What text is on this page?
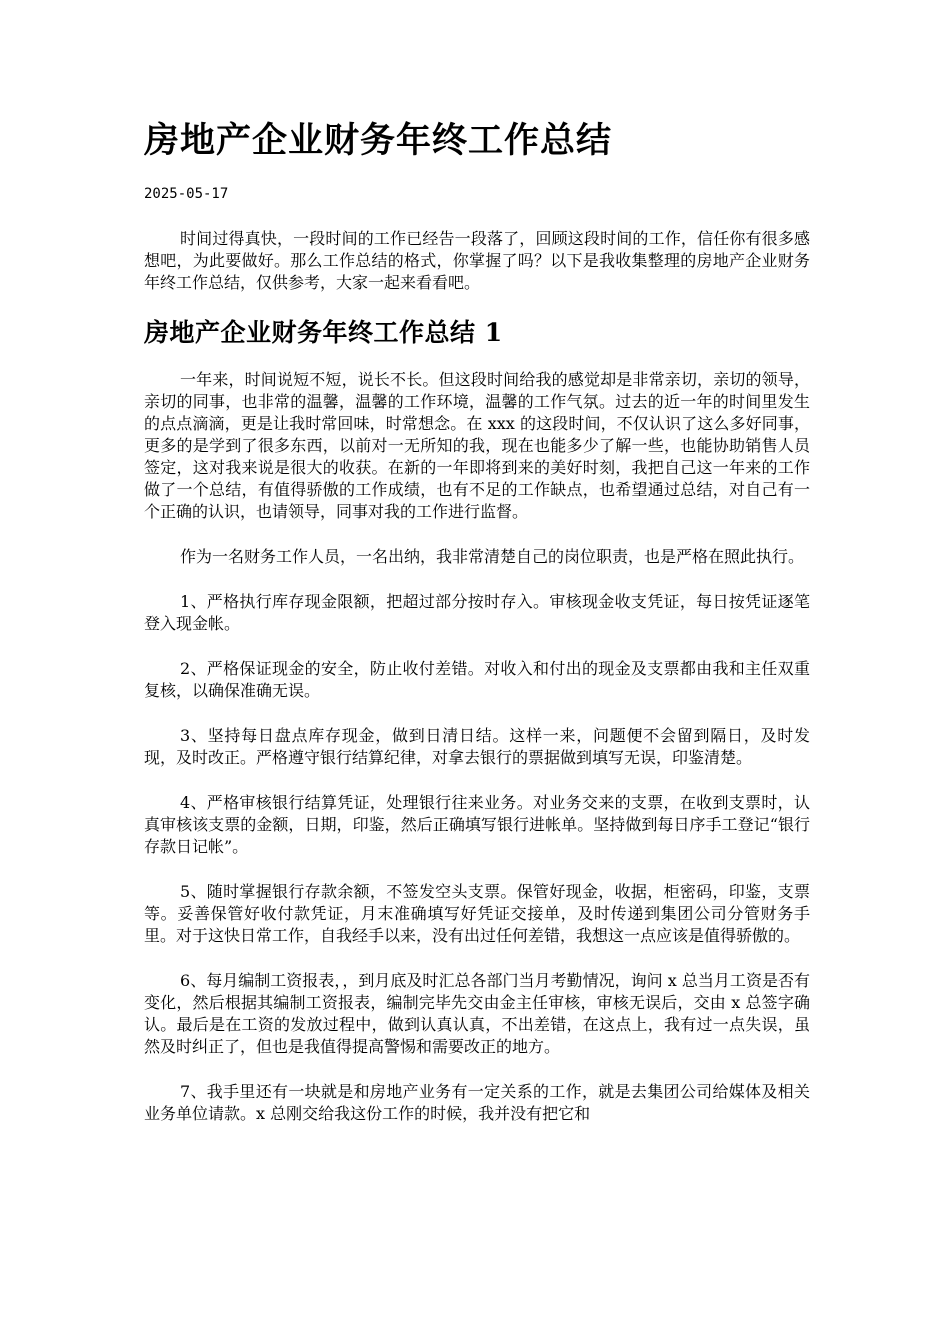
房地产企业财务年终工作总结
2025-05-17

时间过得真快，一段时间的工作已经告一段落了，回顾这段时间的工作，信任你有很多感想吧，为此要做好。那么工作总结的格式，你掌握了吗？以下是我收集整理的房地产企业财务年终工作总结，仅供参考，大家一起来看看吧。

房地产企业财务年终工作总结 1

一年来，时间说短不短，说长不长。但这段时间给我的感觉却是非常亲切，亲切的领导，亲切的同事，也非常的温馨，温馨的工作环境，温馨的工作气氛。过去的近一年的时间里发生的点点滴滴，更是让我时常回味，时常想念。在 xxx 的这段时间，不仅认识了这么多好同事，更多的是学到了很多东西，以前对一无所知的我，现在也能多少了解一些，也能协助销售人员签定，这对我来说是很大的收获。在新的一年即将到来的美好时刻，我把自己这一年来的工作做了一个总结，有值得骄傲的工作成绩，也有不足的工作缺点，也希望通过总结，对自己有一个正确的认识，也请领导，同事对我的工作进行监督。

作为一名财务工作人员，一名出纳，我非常清楚自己的岗位职责，也是严格在照此执行。

1、严格执行库存现金限额，把超过部分按时存入。审核现金收支凭证，每日按凭证逐笔登入现金帐。

2、严格保证现金的安全，防止收付差错。对收入和付出的现金及支票都由我和主任双重复核，以确保准确无误。

3、坚持每日盘点库存现金，做到日清日结。这样一来，问题便不会留到隔日，及时发现，及时改正。严格遵守银行结算纪律，对拿去银行的票据做到填写无误，印鉴清楚。

4、严格审核银行结算凭证，处理银行往来业务。对业务交来的支票，在收到支票时，认真审核该支票的金额，日期，印鉴，然后正确填写银行进帐单。坚持做到每日序手工登记“银行存款日记帐”。

5、随时掌握银行存款余额，不签发空头支票。保管好现金，收据，柜密码，印鉴，支票等。妥善保管好收付款凭证，月末准确填写好凭证交接单，及时传递到集团公司分管财务手里。对于这快日常工作，自我经手以来，没有出过任何差错，我想这一点应该是值得骄傲的。

6、每月编制工资报表，，到月底及时汇总各部门当月考勤情况，询问 x 总当月工资是否有变化，然后根据其编制工资报表，编制完毕先交由金主任审核，审核无误后，交由 x 总签字确认。最后是在工资的发放过程中，做到认真认真，不出差错，在这点上，我有过一点失误，虽然及时纠正了，但也是我值得提高警惕和需要改正的地方。

7、我手里还有一块就是和房地产业务有一定关系的工作，就是去集团公司给媒体及相关业务单位请款。x 总刚交给我这份工作的时候，我并没有把它和
